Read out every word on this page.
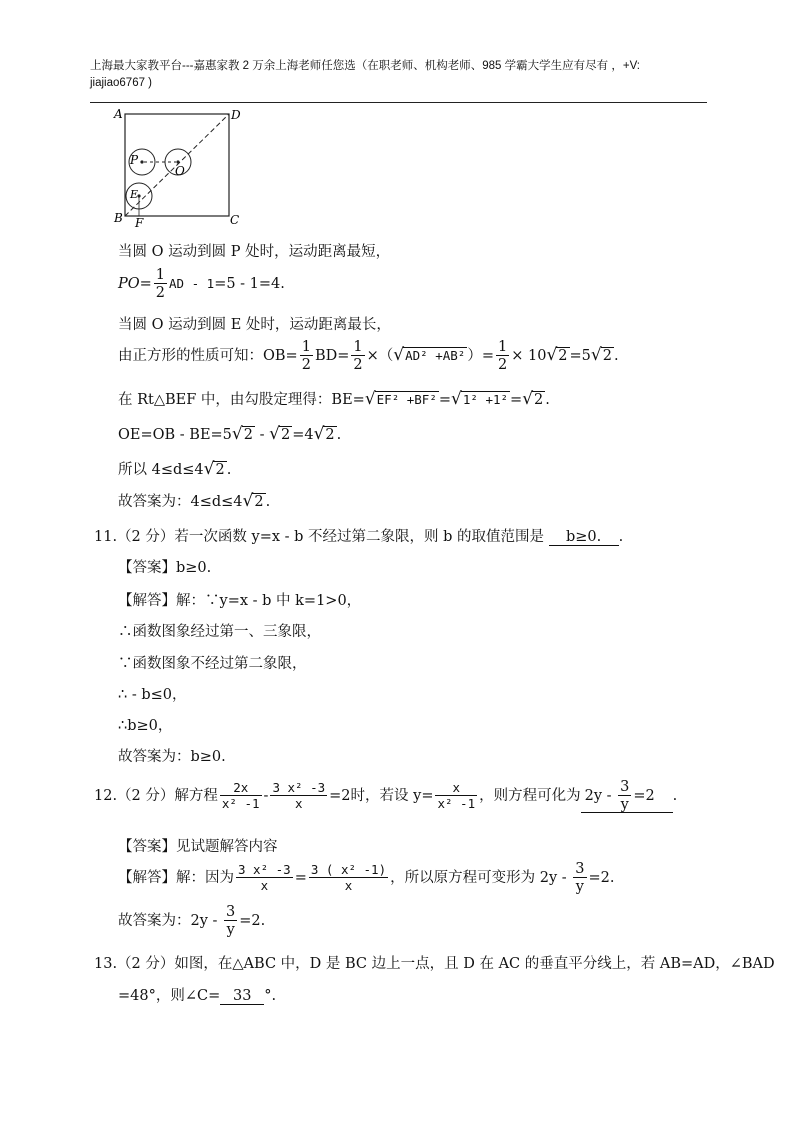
上海最大家教平台---嘉惠家教 2 万余上海老师任您选（在职老师、机构老师、985 学霸大学生应有尽有 ，+V:
jiajiao6767 )
A	D
B	C
F
P
O
E
当圆 O 运动到圆 P 处时，运动距离最短，
$PO= \frac{1}{2}$ AD - 1=5 - 1=4.
当圆 O 运动到圆 E 处时，运动距离最长，
由正方形的性质可知：$OB= \frac{1}{2} BD= \frac{1}{2} \times(√AD^2 +AB^2$ ）= $\frac{1}{2} \times 10√2 =5√2$ .
在 Rt△BEF 中，由勾股定理得：BE=√EF² +BF² =√1² +1² =√2 .
OE=OB - BE=5√2 - √2 =4√2 .
所以 4≤d≤4√2 .
故答案为：4≤d≤4√2 .
11.（2 分）若一次函数 y=x - b 不经过第二象限，则 b 的取值范围是 b≥0. .
【答案】b≥0.
【解答】解：∵y=x - b 中 k=1>0，
∴函数图象经过第一、三象限，
∵函数图象不经过第二象限，
∴ - b≤0，
∴b≥0，
故答案为：b≥0.
12.（2 分）解方程 $\frac{2x}{\text{x² -1}} - \frac{\text{3 x² -3}}{x} =2$时，若设 $y= \frac{x}{\text{x² -1}}$ ，则方程可化为 $2y - \frac{3}{y} =2$ .
【答案】见试题解答内容
【解答】解：因为 $\frac{\text{3 x² -3}}{x} = \frac{\text{3 ( x² -1)}}{x}$ ，所以原方程可变形为 $2y - \frac{3}{y} =2$.
故答案为：$2y - \frac{3}{y} =2$.
13.（2 分）如图，在△ABC 中，D 是 BC 边上一点，且 D 在 AC 的垂直平分线上，若 AB=AD，∠BAD
=48°，则∠C= 33 °.
